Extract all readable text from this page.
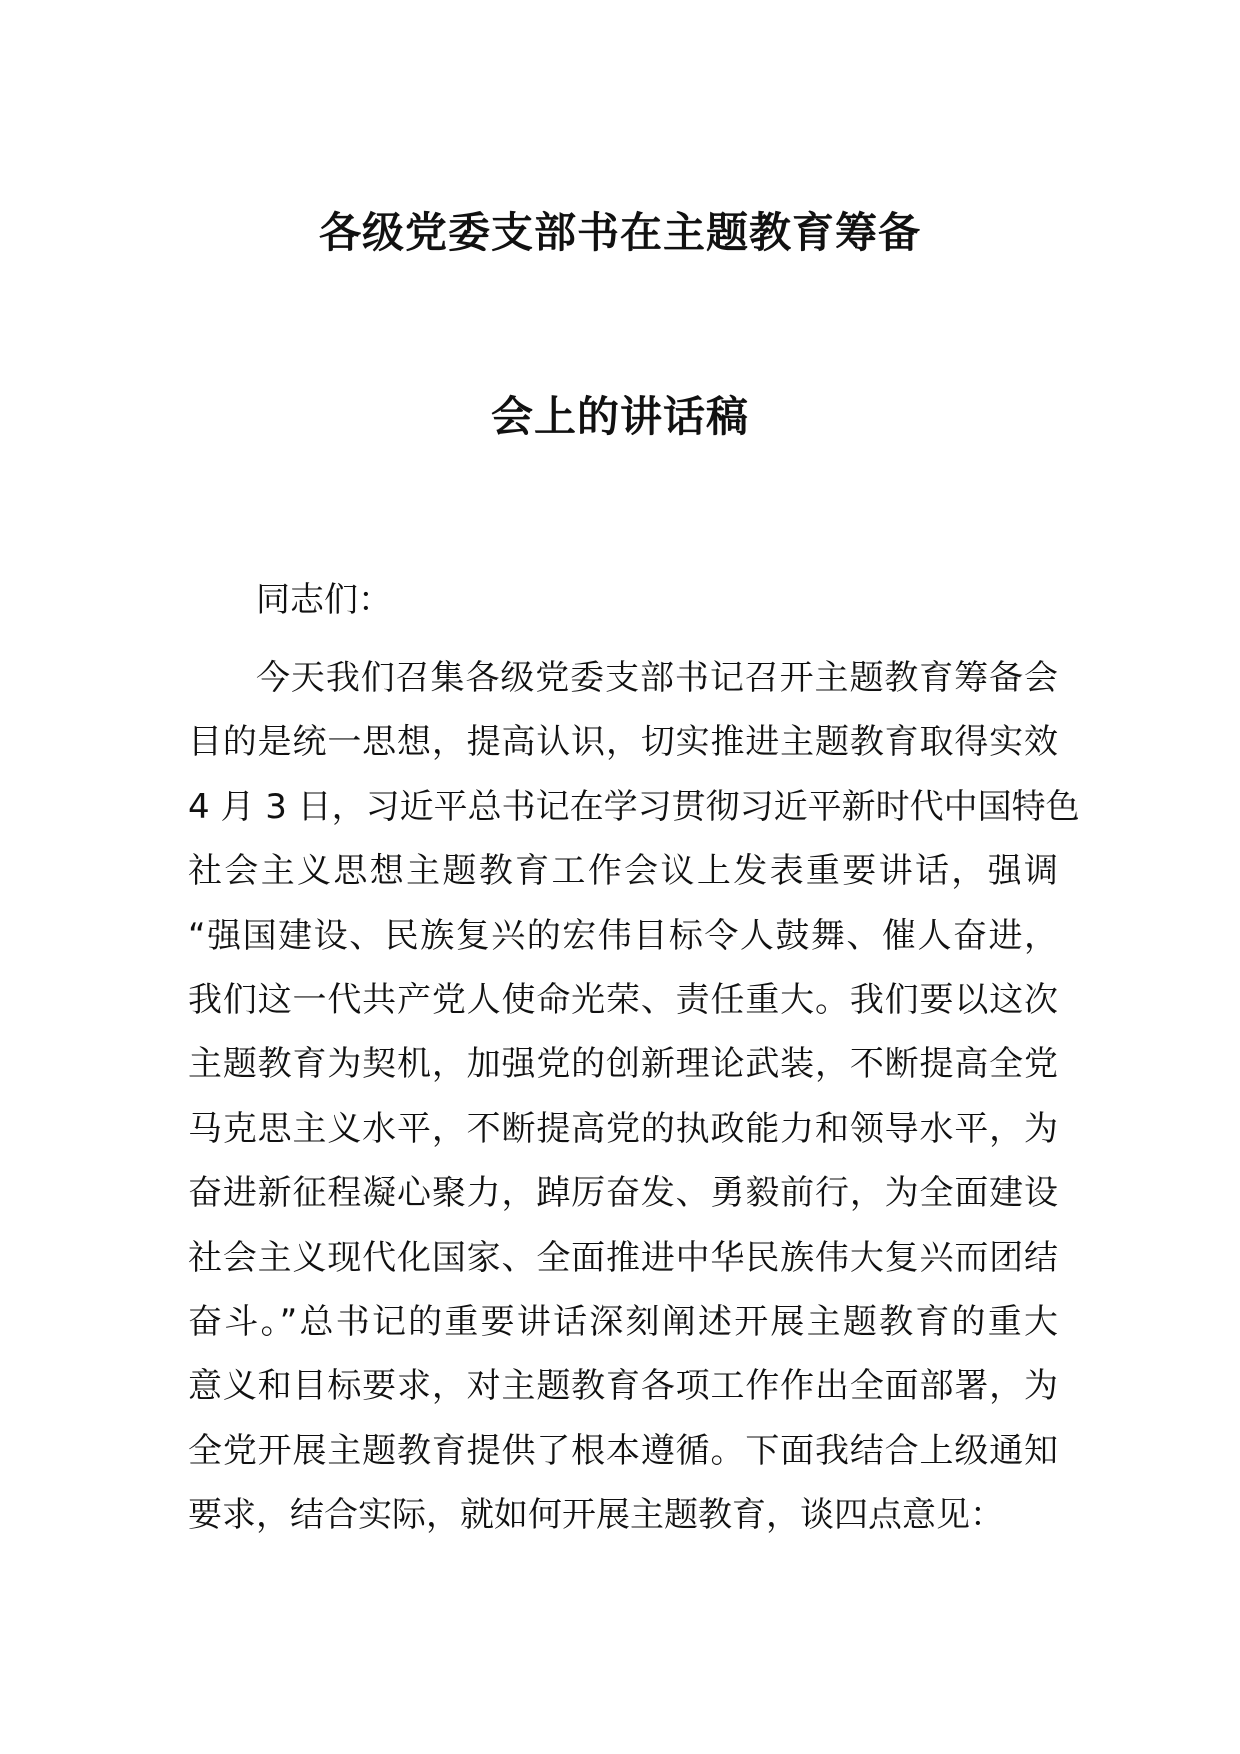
各级党委支部书在主题教育筹备
会上的讲话稿
同志们：
今天我们召集各级党委支部书记召开主题教育筹备会
目的是统一思想，提高认识，切实推进主题教育取得实效
4 月 3 日，习近平总书记在学习贯彻习近平新时代中国特色
社会主义思想主题教育工作会议上发表重要讲话，强调
“强国建设、民族复兴的宏伟目标令人鼓舞、催人奋进，
我们这一代共产党人使命光荣、责任重大。我们要以这次
主题教育为契机，加强党的创新理论武装，不断提高全党
马克思主义水平，不断提高党的执政能力和领导水平，为
奋进新征程凝心聚力，踔厉奋发、勇毅前行，为全面建设
社会主义现代化国家、全面推进中华民族伟大复兴而团结
奋斗。”总书记的重要讲话深刻阐述开展主题教育的重大
意义和目标要求，对主题教育各项工作作出全面部署，为
全党开展主题教育提供了根本遵循。下面我结合上级通知
要求，结合实际，就如何开展主题教育，谈四点意见：
